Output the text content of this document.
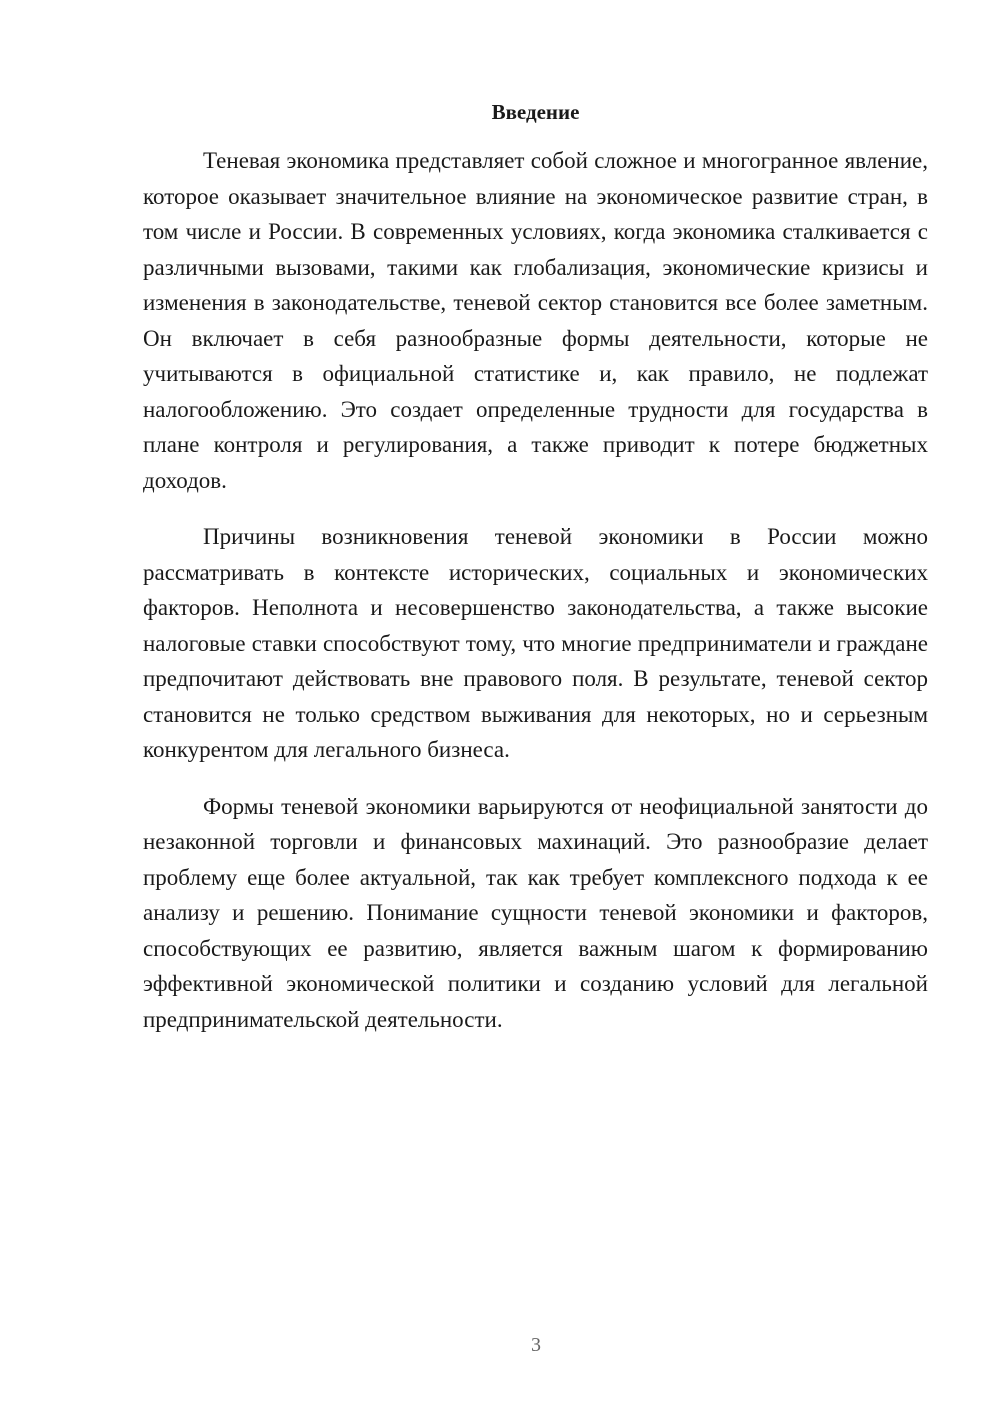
Введение

Теневая экономика представляет собой сложное и многогранное явление, которое оказывает значительное влияние на экономическое развитие стран, в том числе и России. В современных условиях, когда экономика сталкивается с различными вызовами, такими как глобализация, экономические кризисы и изменения в законодательстве, теневой сектор становится все более заметным. Он включает в себя разнообразные формы деятельности, которые не учитываются в официальной статистике и, как правило, не подлежат налогообложению. Это создает определенные трудности для государства в плане контроля и регулирования, а также приводит к потере бюджетных доходов.

Причины возникновения теневой экономики в России можно рассматривать в контексте исторических, социальных и экономических факторов. Неполнота и несовершенство законодательства, а также высокие налоговые ставки способствуют тому, что многие предприниматели и граждане предпочитают действовать вне правового поля. В результате, теневой сектор становится не только средством выживания для некоторых, но и серьезным конкурентом для легального бизнеса.

Формы теневой экономики варьируются от неофициальной занятости до незаконной торговли и финансовых махинаций. Это разнообразие делает проблему еще более актуальной, так как требует комплексного подхода к ее анализу и решению. Понимание сущности теневой экономики и факторов, способствующих ее развитию, является важным шагом к формированию эффективной экономической политики и созданию условий для легальной предпринимательской деятельности.

3
